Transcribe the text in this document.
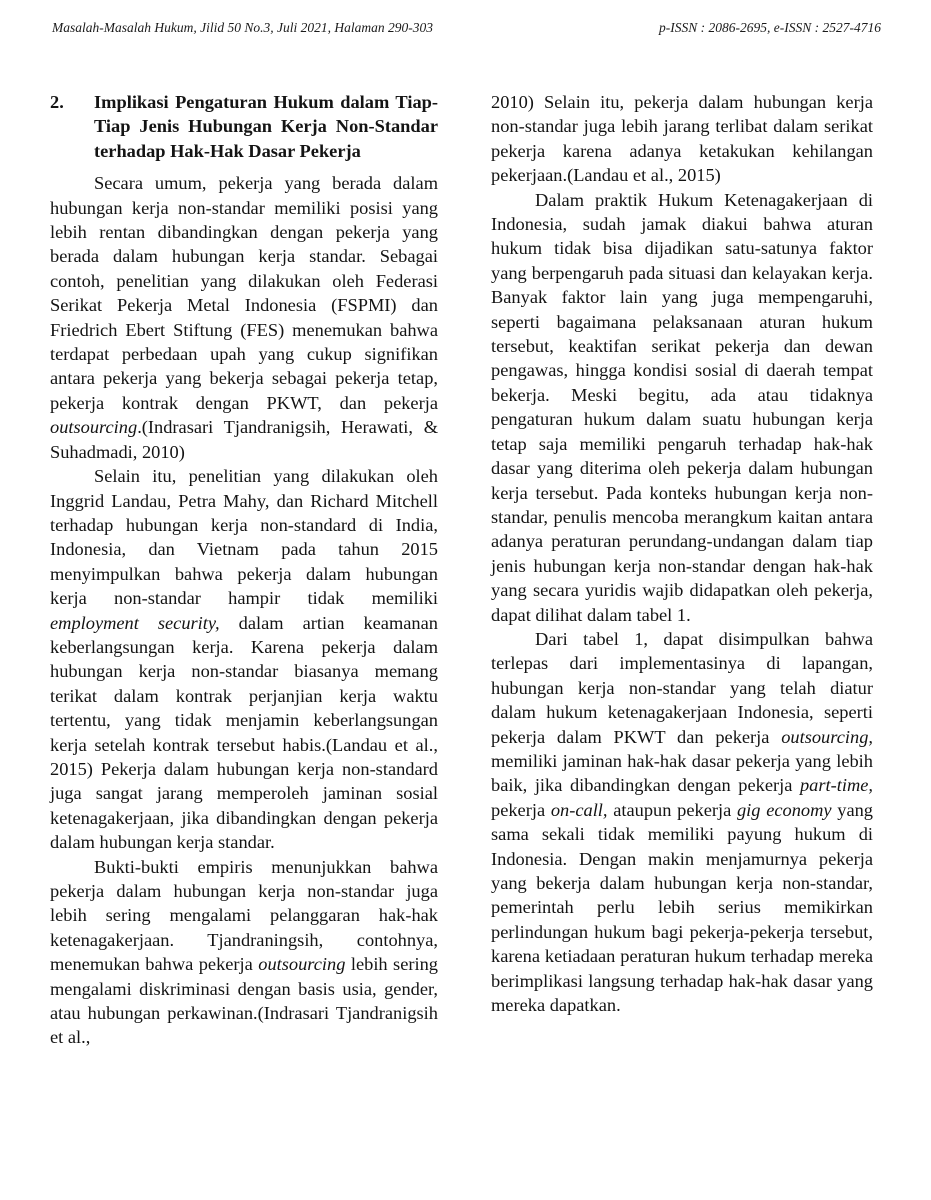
Masalah-Masalah Hukum, Jilid 50 No.3, Juli 2021, Halaman 290-303	p-ISSN : 2086-2695, e-ISSN : 2527-4716
2.	Implikasi Pengaturan Hukum dalam Tiap-Tiap Jenis Hubungan Kerja Non-Standar terhadap Hak-Hak Dasar Pekerja

Secara umum, pekerja yang berada dalam hubungan kerja non-standar memiliki posisi yang lebih rentan dibandingkan dengan pekerja yang berada dalam hubungan kerja standar. Sebagai contoh, penelitian yang dilakukan oleh Federasi Serikat Pekerja Metal Indonesia (FSPMI) dan Friedrich Ebert Stiftung (FES) menemukan bahwa terdapat perbedaan upah yang cukup signifikan antara pekerja yang bekerja sebagai pekerja tetap, pekerja kontrak dengan PKWT, dan pekerja outsourcing.(Indrasari Tjandranigsih, Herawati, & Suhadmadi, 2010)

Selain itu, penelitian yang dilakukan oleh Inggrid Landau, Petra Mahy, dan Richard Mitchell terhadap hubungan kerja non-standard di India, Indonesia, dan Vietnam pada tahun 2015 menyimpulkan bahwa pekerja dalam hubungan kerja non-standar hampir tidak memiliki employment security, dalam artian keamanan keberlangsungan kerja. Karena pekerja dalam hubungan kerja non-standar biasanya memang terikat dalam kontrak perjanjian kerja waktu tertentu, yang tidak menjamin keberlangsungan kerja setelah kontrak tersebut habis.(Landau et al., 2015) Pekerja dalam hubungan kerja non-standard juga sangat jarang memperoleh jaminan sosial ketenagakerjaan, jika dibandingkan dengan pekerja dalam hubungan kerja standar.

Bukti-bukti empiris menunjukkan bahwa pekerja dalam hubungan kerja non-standar juga lebih sering mengalami pelanggaran hak-hak ketenagakerjaan. Tjandraningsih, contohnya, menemukan bahwa pekerja outsourcing lebih sering mengalami diskriminasi dengan basis usia, gender, atau hubungan perkawinan.(Indrasari Tjandranigsih et al.,

2010) Selain itu, pekerja dalam hubungan kerja non-standar juga lebih jarang terlibat dalam serikat pekerja karena adanya ketakukan kehilangan pekerjaan.(Landau et al., 2015)

Dalam praktik Hukum Ketenagakerjaan di Indonesia, sudah jamak diakui bahwa aturan hukum tidak bisa dijadikan satu-satunya faktor yang berpengaruh pada situasi dan kelayakan kerja. Banyak faktor lain yang juga mempengaruhi, seperti bagaimana pelaksanaan aturan hukum tersebut, keaktifan serikat pekerja dan dewan pengawas, hingga kondisi sosial di daerah tempat bekerja. Meski begitu, ada atau tidaknya pengaturan hukum dalam suatu hubungan kerja tetap saja memiliki pengaruh terhadap hak-hak dasar yang diterima oleh pekerja dalam hubungan kerja tersebut. Pada konteks hubungan kerja non-standar, penulis mencoba merangkum kaitan antara adanya peraturan perundang-undangan dalam tiap jenis hubungan kerja non-standar dengan hak-hak yang secara yuridis wajib didapatkan oleh pekerja, dapat dilihat dalam tabel 1.

Dari tabel 1, dapat disimpulkan bahwa terlepas dari implementasinya di lapangan, hubungan kerja non-standar yang telah diatur dalam hukum ketenagakerjaan Indonesia, seperti pekerja dalam PKWT dan pekerja outsourcing, memiliki jaminan hak-hak dasar pekerja yang lebih baik, jika dibandingkan dengan pekerja part-time, pekerja on-call, ataupun pekerja gig economy yang sama sekali tidak memiliki payung hukum di Indonesia. Dengan makin menjamurnya pekerja yang bekerja dalam hubungan kerja non-standar, pemerintah perlu lebih serius memikirkan perlindungan hukum bagi pekerja-pekerja tersebut, karena ketiadaan peraturan hukum terhadap mereka berimplikasi langsung terhadap hak-hak dasar yang mereka dapatkan.
